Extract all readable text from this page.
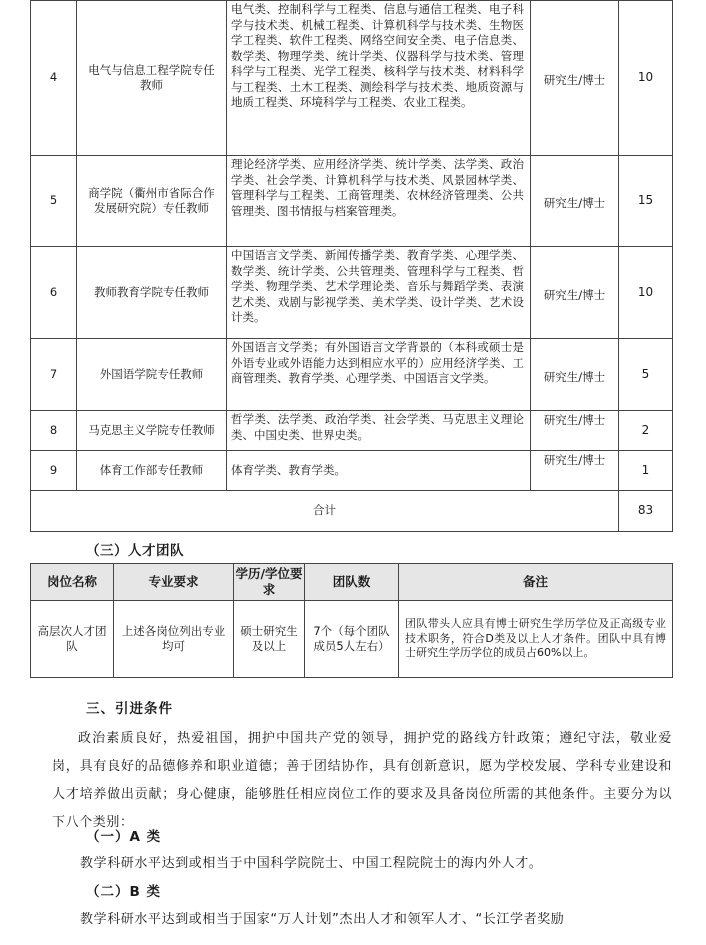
4	电气与信息工程学院专任教师	电气类、控制科学与工程类、信息与通信工程类、电子科学与技术类、机械工程类、计算机科学与技术类、生物医学工程类、软件工程类、网络空间安全类、电子信息类、数学类、物理学类、统计学类、仪器科学与技术类、管理科学与工程类、光学工程类、核科学与技术类、材料科学与工程类、土木工程类、测绘科学与技术类、地质资源与地质工程类、环境科学与工程类、农业工程类。	研究生/博士	10
5	商学院（衢州市省际合作发展研究院）专任教师	理论经济学类、应用经济学类、统计学类、法学类、政治学类、社会学类、计算机科学与技术类、风景园林学类、管理科学与工程类、工商管理类、农林经济管理类、公共管理类、图书情报与档案管理类。	研究生/博士	15
6	教师教育学院专任教师	中国语言文学类、新闻传播学类、教育学类、心理学类、数学类、统计学类、公共管理类、管理科学与工程类、哲学类、物理学类、艺术学理论类、音乐与舞蹈学类、表演艺术类、戏剧与影视学类、美术学类、设计学类、艺术设计类。	研究生/博士	10
7	外国语学院专任教师	外国语言文学类；有外国语言文学背景的（本科或硕士是外语专业或外语能力达到相应水平的）应用经济学类、工商管理类、教育学类、心理学类、中国语言文学类。	研究生/博士	5
8	马克思主义学院专任教师	哲学类、法学类、政治学类、社会学类、马克思主义理论类、中国史类、世界史类。	研究生/博士	2
9	体育工作部专任教师	体育学类、教育学类。	研究生/博士	1
合计				83
（三）人才团队
岗位名称	专业要求	学历/学位要求	团队数	备注
高层次人才团队	上述各岗位列出专业均可	硕士研究生及以上	7个（每个团队成员5人左右）	团队带头人应具有博士研究生学历学位及正高级专业技术职务，符合D类及以上人才条件。团队中具有博士研究生学历学位的成员占60%以上。
三、引进条件

政治素质良好，热爱祖国，拥护中国共产党的领导，拥护党的路线方针政策；遵纪守法，敬业爱岗，具有良好的品德修养和职业道德；善于团结协作，具有创新意识，愿为学校发展、学科专业建设和人才培养做出贡献；身心健康，能够胜任相应岗位工作的要求及具备岗位所需的其他条件。主要分为以下八个类别：

（一）A 类
教学科研水平达到或相当于中国科学院院士、中国工程院院士的海内外人才。
（二）B 类
教学科研水平达到或相当于国家“万人计划”杰出人才和领军人才、“长江学者奖励
